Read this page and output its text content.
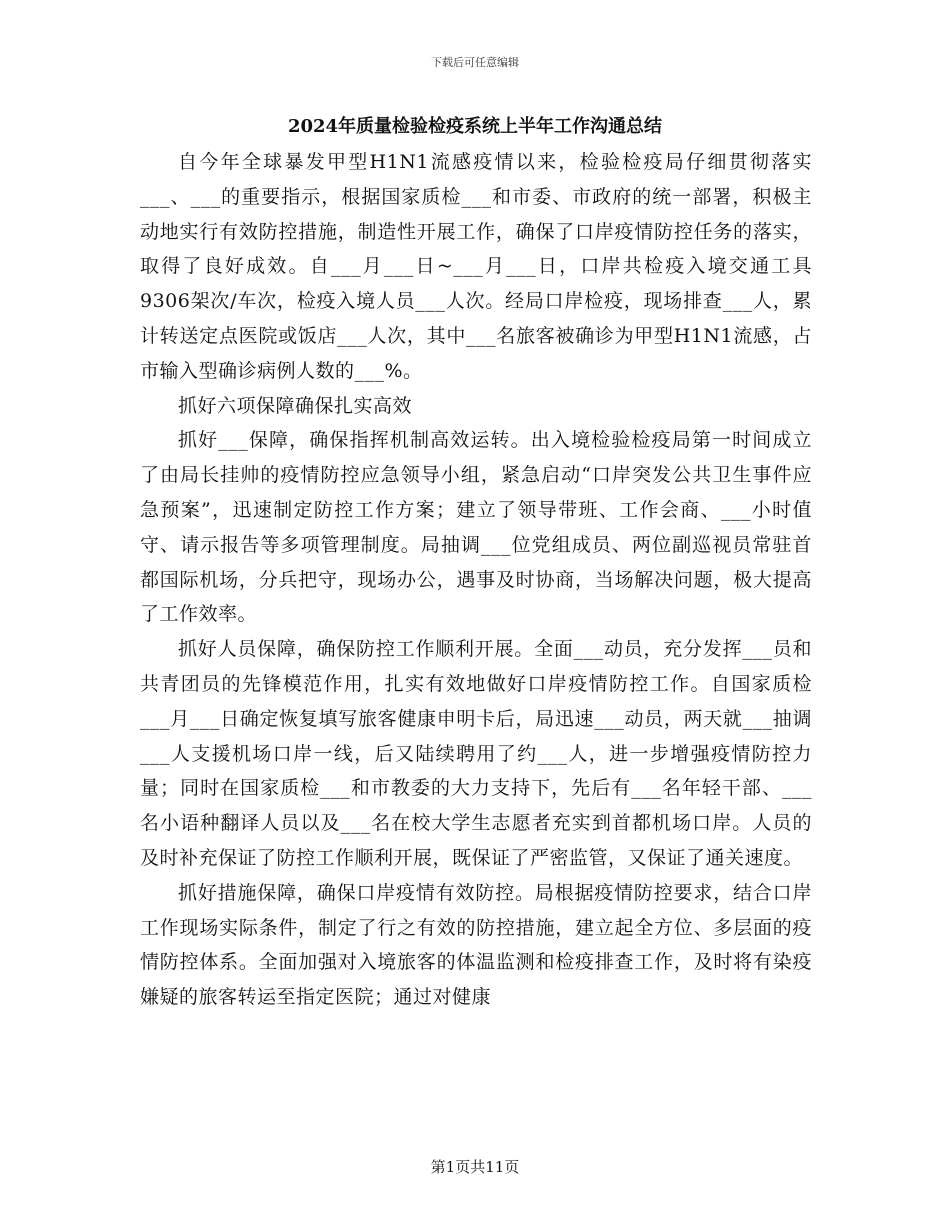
下载后可任意编辑
2024年质量检验检疫系统上半年工作沟通总结

自今年全球暴发甲型H1N1流感疫情以来，检验检疫局仔细贯彻落实___、___的重要指示，根据国家质检___和市委、市政府的统一部署，积极主动地实行有效防控措施，制造性开展工作，确保了口岸疫情防控任务的落实，取得了良好成效。自___月___日~___月___日，口岸共检疫入境交通工具9306架次/车次，检疫入境人员___人次。经局口岸检疫，现场排查___人，累计转送定点医院或饭店___人次，其中___名旅客被确诊为甲型H1N1流感，占市输入型确诊病例人数的___%。

抓好六项保障确保扎实高效

抓好___保障，确保指挥机制高效运转。出入境检验检疫局第一时间成立了由局长挂帅的疫情防控应急领导小组，紧急启动“口岸突发公共卫生事件应急预案”，迅速制定防控工作方案；建立了领导带班、工作会商、___小时值守、请示报告等多项管理制度。局抽调___位党组成员、两位副巡视员常驻首都国际机场，分兵把守，现场办公，遇事及时协商，当场解决问题，极大提高了工作效率。

抓好人员保障，确保防控工作顺利开展。全面___动员，充分发挥___员和共青团员的先锋模范作用，扎实有效地做好口岸疫情防控工作。自国家质检___月___日确定恢复填写旅客健康申明卡后，局迅速___动员，两天就___抽调___人支援机场口岸一线，后又陆续聘用了约___人，进一步增强疫情防控力量；同时在国家质检___和市教委的大力支持下，先后有___名年轻干部、___名小语种翻译人员以及___名在校大学生志愿者充实到首都机场口岸。人员的及时补充保证了防控工作顺利开展，既保证了严密监管，又保证了通关速度。

抓好措施保障，确保口岸疫情有效防控。局根据疫情防控要求，结合口岸工作现场实际条件，制定了行之有效的防控措施，建立起全方位、多层面的疫情防控体系。全面加强对入境旅客的体温监测和检疫排查工作，及时将有染疫嫌疑的旅客转运至指定医院；通过对健康

第1页共11页
